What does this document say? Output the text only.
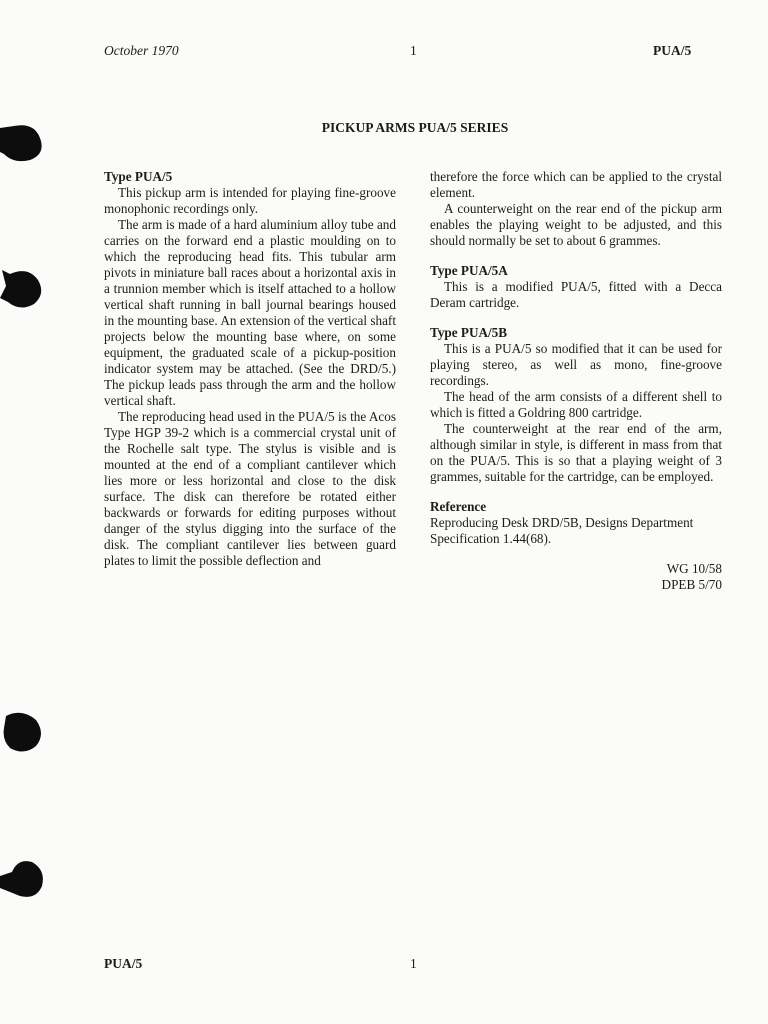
October 1970	1	PUA/5
PICKUP ARMS PUA/5 SERIES

Type PUA/5

This pickup arm is intended for playing fine-groove monophonic recordings only.

The arm is made of a hard aluminium alloy tube and carries on the forward end a plastic moulding on to which the reproducing head fits. This tubular arm pivots in miniature ball races about a horizontal axis in a trunnion member which is itself attached to a hollow vertical shaft running in ball journal bearings housed in the mounting base. An extension of the vertical shaft projects below the mounting base where, on some equipment, the graduated scale of a pickup-position indicator system may be attached. (See the DRD/5.) The pickup leads pass through the arm and the hollow vertical shaft.

The reproducing head used in the PUA/5 is the Acos Type HGP 39-2 which is a commercial crystal unit of the Rochelle salt type. The stylus is visible and is mounted at the end of a compliant cantilever which lies more or less horizontal and close to the disk surface. The disk can therefore be rotated either backwards or forwards for editing purposes without danger of the stylus digging into the surface of the disk. The compliant cantilever lies between guard plates to limit the possible deflection and

therefore the force which can be applied to the crystal element.

A counterweight on the rear end of the pickup arm enables the playing weight to be adjusted, and this should normally be set to about 6 grammes.

Type PUA/5A

This is a modified PUA/5, fitted with a Decca Deram cartridge.

Type PUA/5B

This is a PUA/5 so modified that it can be used for playing stereo, as well as mono, fine-groove recordings.

The head of the arm consists of a different shell to which is fitted a Goldring 800 cartridge.

The counterweight at the rear end of the arm, although similar in style, is different in mass from that on the PUA/5. This is so that a playing weight of 3 grammes, suitable for the cartridge, can be employed.

Reference

Reproducing Desk DRD/5B, Designs Department Specification 1.44(68).

WG 10/58
DPEB 5/70
PUA/5	1
